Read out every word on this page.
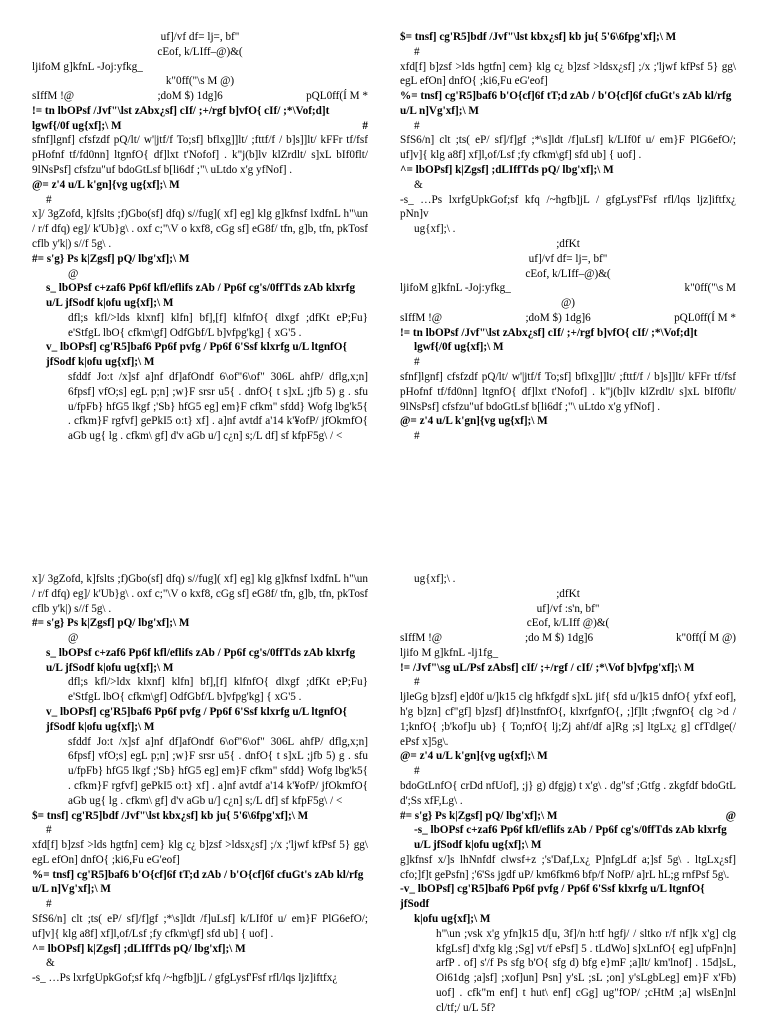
uf]/vf df= lj=, bf"
cEof, k/LIff–@)&(
ljifoM g]kfnL -Joj:yfkg_
k"0ff("\s M @)
sIffM !@	;doM $) 1dg]6	pQL0ff(Í M *
!= tn lbOPsf /Jvf"\lst zAbx¿sf] cIf/ ;+/rgf b]vfO{ cIf/ ;*\Vof;d]t
lgwf{/0f ug{xf];\ M	#
sfnf]lgnf] cfsfzdf pQ/lt/ w'|jtf/f To;sf] bflxg]]lt/ ;fttf/f / b]s]]lt/ kFFr tf/fsf pHofnf tf/fd0nn] ltgnfO{ df]lxt t'Nofof] . k"j(b]lv klZrdlt/ s]xL bIf0flt/ 9lNsPsf] cfsfzu"uf bdoGtLsf b[li6df ;"\ uLtdo x'g yfNof] .
@= z'4 u/L k'gn]{vg ug{xf];\ M
#
x]/ 3gZofd, k]fslts ;f)Gbo(sf] dfq) s//fug]( xf] eg] klg g]kfnsf lxdfnL h"\un / r/f dfq) eg]/ k'Ub}g\ . oxf c;"\V o kxf8, cGg sf] eG8f/ tfn, g]b, tfn, pkTosf cflb y'k|) s//f 5g\ .
#= s'g} Ps k|Zgsf] pQ/ lbg'xf];\ M
@
s_ lbOPsf c+zaf6 Pp6f kfl/eflifs zAb / Pp6f cg's/0ffTds zAb klxrfg u/L jfSodf k|ofu ug{xf];\ M
dfl;s kfl/>lds klxnf] klfn] bf],[f] klfnfO{ dlxgf ;dfKt eP;Fu} e'StfgL lbO{ cfkm\gf] OdfGbf/L b]vfpg'kg] { xG'5 .
v_ lbOPsf] cg'R5]baf6 Pp6f pvfg / Pp6f 6'Ssf klxrfg u/L ltgnfO{ jfSodf k|ofu ug{xf];\ M
sfddf Jo:t /x]sf a]nf df]afOndf 6\of"6\of" 306L ahfP/ dflg,x;n] 6fpsf] vfO;s] egL p;n] ;w}F srsr u5{ . dnfO{ t s]xL ;jfb 5) g . sfu u/fpFb} hfG5 lkgf ;'Sb} hfG5 eg] em}F cfkm" sfdd} Wofg lbg'k5{ . cfkm}F rgfvf] gePkI5 o:t} xf] . a]nf avtdf a'14 k'¥ofP/ jfOkmfO{ aGb ug{ lg . cfkm\ gf] d'v aGb u/] c¿n] s;/L df] sf kfpF5g\ / <
$= tnsf] cg'R5]bdf /Jvf"\lst kbx¿sf] kb ju{ 5'6\6fpg'xf];\ M
#
xfd[f] b]zsf >lds hgtfn] cem} klg c¿ b]zsf >ldsx¿sf] ;/x ;'ljwf kfPsf 5} gg\ egL efOn] dnfO{ ;ki6,Fu eG'eof]
%= tnsf] cg'R5]baf6 b'O{cf]6f tT;d zAb / b'O{cf]6f cfuGt's zAb kl/rfg u/L n]Vg'xf];\ M
#
SfS6/n] clt ;ts( eP/ sf]/f]gf ;*\s]ldt /f]uLsf] k/LIf0f u/ em}F PlG6efO/; uf]v]{ klg a8f] xf]l,of/Lsf ;fy cfkm\gf] sfd ub] { uof] .
^= lbOPsf] k|Zgsf] ;dLIffTds pQ/ lbg'xf];\ M
&
-s_ …Ps lxrfgUpkGof;sf kfq /~hgfb]jL / gfgLysf'Fsf rfl/lqs ljz]iftfx¿ pNn]v
ug{xf];\ .
;dfKt
uf]/vf df= lj=, bf"
cEof, k/LIff–@)&(
ljifoM g]kfnL -Joj:yfkg_	k"0ff("\s M
@)
sIffM !@	;doM $) 1dg]6	pQL0ff(Í M *
!= tn lbOPsf /Jvf"\lst zAbx¿sf] cIf/ ;+/rgf b]vfO{ cIf/ ;*\Vof;d]t
lgwf{/0f ug{xf];\ M
#
sfnf]lgnf] cfsfzdf pQ/lt/ w'|jtf/f To;sf] bflxg]]lt/ ;fttf/f / b]s]]lt/ kFFr tf/fsf pHofnf tf/fd0nn] ltgnfO{ df]lxt t'Nofof] . k"j(b]lv klZrdlt/ s]xL bIf0flt/ 9lNsPsf] cfsfzu"uf bdoGtLsf b[li6df ;"\ uLtdo x'g yfNof] .
@= z'4 u/L k'gn]{vg ug{xf];\ M
#
x]/ 3gZofd, k]fslts ;f)Gbo(sf] dfq) s//fug]( xf] eg] klg g]kfnsf lxdfnL h"\un / r/f dfq) eg]/ k'Ub}g\ . oxf c;"\V o kxf8, cGg sf] eG8f/ tfn, g]b, tfn, pkTosf cflb y'k|) s//f 5g\ .
#= s'g} Ps k|Zgsf] pQ/ lbg'xf];\ M
@
s_ lbOPsf c+zaf6 Pp6f kfl/eflifs zAb / Pp6f cg's/0ffTds zAb klxrfg u/L jfSodf k|ofu ug{xf];\ M
dfl;s kfl/>ldx klxnf] klfn] bf],[f] klfnfO{ dlxgf ;dfKt eP;Fu} e'StfgL lbO{ cfkm\gf] OdfGbf/L b]vfpg'kg] { xG'5 .
v_ lbOPsf] cg'R5]baf6 Pp6f pvfg / Pp6f 6'Ssf klxrfg u/L ltgnfO{ jfSodf k|ofu ug{xf];\ M
sfddf Jo:t /x]sf a]nf df]afOndf 6\of"6\of" 306L ahfP/ dflg,x;n] 6fpsf] vfO;s] egL p;n] ;w}F srsr u5{ . dnfO{ t s]xL ;jfb 5) g . sfu u/fpFb} hfG5 lkgf ;'Sb} hfG5 eg] em}F cfkm" sfdd} Wofg lbg'k5{ . cfkm}F rgfvf] gePkI5 o:t} xf] . a]nf avtdf a'14 k'¥ofP/ jfOkmfO{ aGb ug{ lg . cfkm\ gf] d'v aGb u/] c¿n] s;/L df] sf kfpF5g\ / <
$= tnsf] cg'R5]bdf /Jvf"\lst kbx¿sf] kb ju{ 5'6\6fpg'xf];\ M
#
xfd[f] b]zsf >lds hgtfn] cem} klg c¿ b]zsf >ldsx¿sf] ;/x ;'ljwf kfPsf 5} gg\ egL efOn] dnfO{ ;ki6,Fu eG'eof]
%= tnsf] cg'R5]baf6 b'O{cf]6f tT;d zAb / b'O{cf]6f cfuGt's zAb kl/rfg u/L n]Vg'xf];\ M
#
SfS6/n] clt ;ts( eP/ sf]/f]gf ;*\s]ldt /f]uLsf] k/LIf0f u/ em}F PlG6efO/; uf]v]{ klg a8f] xf]l,of/Lsf ;fy cfkm\gf] sfd ub] { uof] .
^= lbOPsf] k|Zgsf] ;dLIffTds pQ/ lbg'xf];\ M
&
-s_ …Ps lxrfgUpkGof;sf kfq /~hgfb]jL / gfgLysf'Fsf rfl/lqs ljz]iftfx¿
ug{xf];\ .
;dfKt
uf]/vf :s'n, bf"
cEof, k/LIff @)&(
sIffM !@	;do M $) 1dg]6	k"0ff(Í M @)
ljifo M g]kfnL -lj1fg_
!= /Jvf"\sg uL/Psf zAbsf] cIf/ ;+/rgf / cIf/ ;*\Vof b]vfpg'xf];\ M
#
ljleGg b]zsf] e]d0f u/]k15 clg hfkfgdf s]xL jif{ sfd u/]k15 dnfO{ yfxf eof], h'g b]zn] cf"gf] b]zsf] df}lnstfnfO{, klxrfgnfO{, ;]f]lt ;fwgnfO{ clg >d / 1;knfO{ ;b'kof]u ub} { To;nfO{ lj;Zj ahf/df a]Rg ;s] ltgLx¿ g] cfTdlge(/ ePsf x]5g\.
@= z'4 u/L k'gn]{vg ug{xf];\ M
#
bdoGtLnfO{ crDd nfUof], ;j} g) dfgjg) t x'g\ . dg"sf ;Gtfg . zkgfdf bdoGtL d';Ss xfF,Lg\ .
#= s'g} Ps k|Zgsf] pQ/ lbg'xf];\ M	@
-s_ lbOPsf c+zaf6 Pp6f kfl/eflifs zAb / Pp6f cg's/0ffTds zAb klxrfg u/L jfSodf k|ofu ug{xf];\ M
g]kfnsf x/]s lhNnfdf clwsf+z ;'s'Daf,Lx¿ P]nfgLdf a;]sf 5g\ . ltgLx¿sf] cfo;]f]t gePsfn] ;'6'Ss jgdf uP/ km6fkm6 bfp/f NofP/ a]rL hL;g rnfPsf 5g\.
-v_ lbOPsf] cg'R5]baf6 Pp6f pvfg / Pp6f 6'Ssf klxrfg u/L ltgnfO{ jfSodf
k|ofu ug{xf];\ M
h"\un ;vsk x'g yfn]k15 d[u, 3f]/n h:tf hgfj/ / sltko r/f nf]k x'g] clg kfgLsf] d'xfg klg ;Sg] vt/f ePsf] 5 . tLdWo] s]xLnfO{ eg] ufpFn]n] arfP . of] s'/f Ps sfg b'O{ sfg d) bfg e}mF ;a]lt/ km'lnof] . 15d]sL, Oi61dg ;a]sf] ;xof]un] Psn] y'sL ;sL ;on] y'sLgbLeg] em}F x'Fb) uof] . cfk"m enf] t hut\ enf] cGg] ug"fOP/ ;cHtM ;a] wlsEn]nl cl/tf;/ u/L 5f?
